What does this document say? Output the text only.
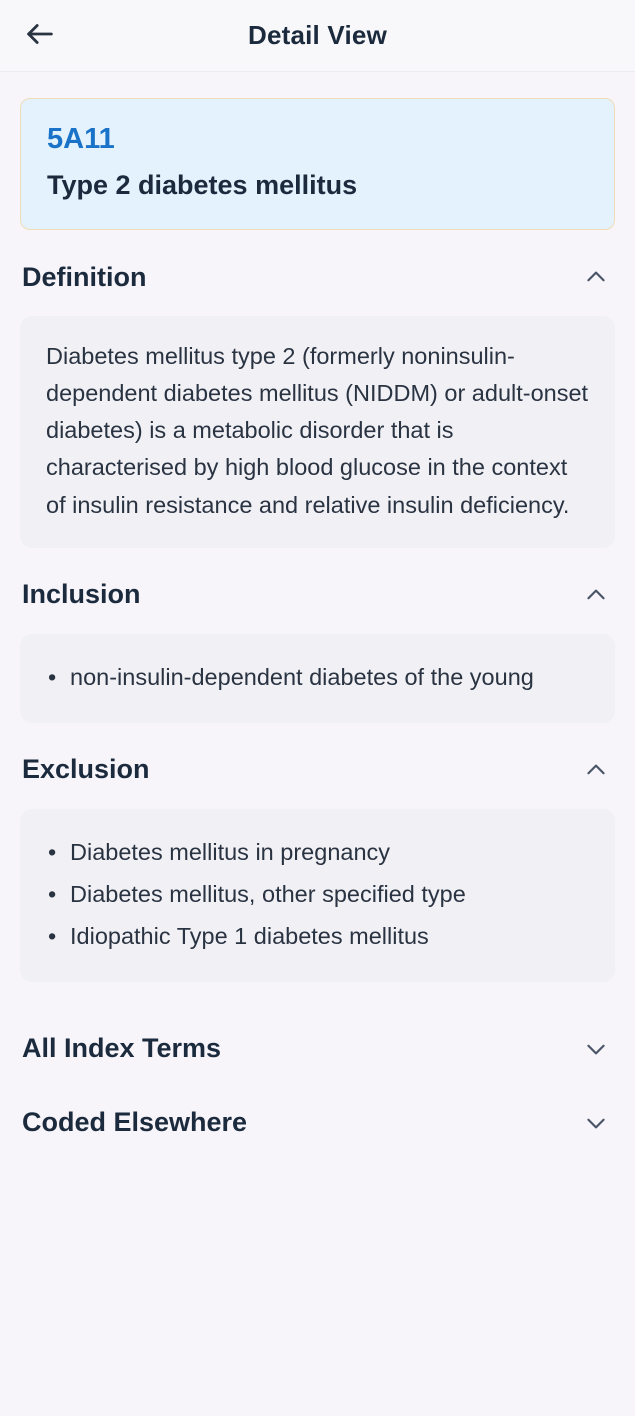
Detail View
5A11
Type 2 diabetes mellitus
Definition

Diabetes mellitus type 2 (formerly noninsulin-dependent diabetes mellitus (NIDDM) or adult-onset diabetes) is a metabolic disorder that is characterised by high blood glucose in the context of insulin resistance and relative insulin deficiency.

Inclusion
• non-insulin-dependent diabetes of the young
Exclusion
• Diabetes mellitus in pregnancy
• Diabetes mellitus, other specified type
• Idiopathic Type 1 diabetes mellitus
All Index Terms
Coded Elsewhere
